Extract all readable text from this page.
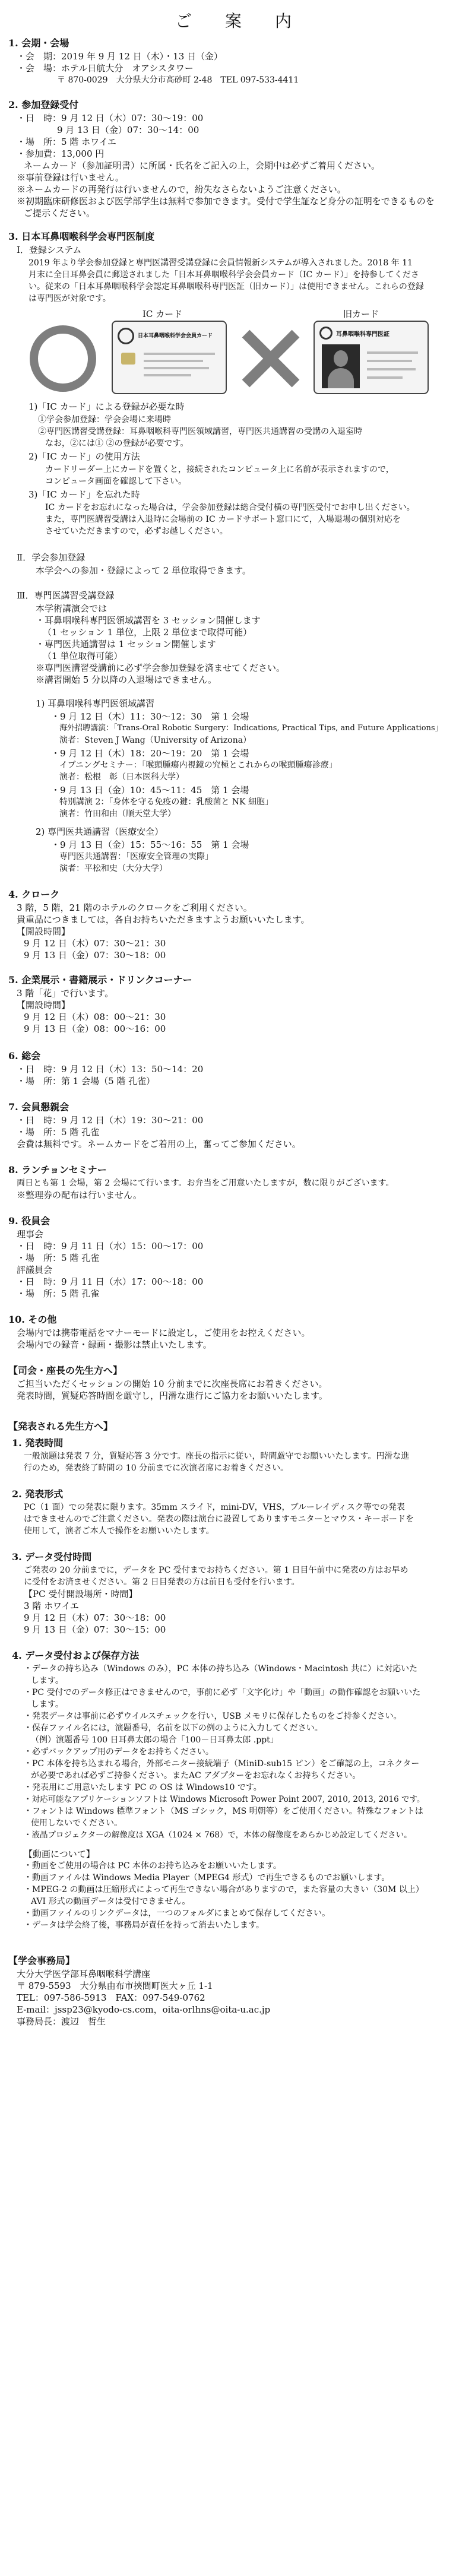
ご　案　内
1. 会期・会場
・会　期：2019 年 9 月 12 日（木）・13 日（金）
・会　場：ホテル日航大分　オアシスタワー
〒 870-0029　大分県大分市高砂町 2-48　TEL 097-533-4411
2. 参加登録受付
・日　時：9 月 12 日（木）07：30～19：00
9 月 13 日（金）07：30～14：00
・場　所：5 階 ホワイエ
・参加費：13,000 円
ネームカード（参加証明書）に所属・氏名をご記入の上，会期中は必ずご着用ください。
※事前登録は行いません。
※ネームカードの再発行は行いませんので，紛失なさらないようご注意ください。
※初期臨床研修医および医学部学生は無料で参加できます。受付で学生証など身分の証明をできるものを
ご提示ください。
3. 日本耳鼻咽喉科学会専門医制度
Ⅰ．登録システム
2019 年より学会参加登録と専門医講習受講登録に会員情報新システムが導入されました。2018 年 11
月末に全日耳鼻会員に郵送されました「日本耳鼻咽喉科学会会員カード（IC カード）」を持参してくださ
い。従来の「日本耳鼻咽喉科学会認定耳鼻咽喉科専門医証（旧カード）」は使用できません。これらの登録
は専門医が対象です。
IC カード	旧カード
日本耳鼻咽喉科学会会員カード	耳鼻咽喉科専門医証
1)「IC カード」による登録が必要な時
①学会参加登録：学会会場に来場時
②専門医講習受講登録：耳鼻咽喉科専門医領域講習，専門医共通講習の受講の入退室時
なお，②には① ②の登録が必要です。
2)「IC カード」の使用方法
カードリーダー上にカードを置くと，接続されたコンピュータ上に名前が表示されますので，
コンピュータ画面を確認して下さい。
3)「IC カード」を忘れた時
IC カードをお忘れになった場合は，学会参加登録は総合受付横の専門医受付でお申し出ください。
また，専門医講習受講は入退時に会場前の IC カードサポート窓口にて，入場退場の個別対応を
させていただきますので，必ずお越しください。
Ⅱ．学会参加登録
本学会への参加・登録によって 2 単位取得できます。
Ⅲ．専門医講習受講登録
本学術講演会では
・耳鼻咽喉科専門医領域講習を 3 セッション開催します
（1 セッション 1 単位，上限 2 単位まで取得可能）
・専門医共通講習は 1 セッション開催します
（1 単位取得可能）
※専門医講習受講前に必ず学会参加登録を済ませてください。
※講習開始 5 分以降の入退場はできません。
1) 耳鼻咽喉科専門医領域講習
・9 月 12 日（木）11：30～12：30　第 1 会場
海外招聘講演：「Trans-Oral Robotic Surgery：Indications, Practical Tips, and Future Applications」
演者：Steven J Wang（University of Arizona）
・9 月 12 日（木）18：20～19：20　第 1 会場
イブニングセミナー：「喉頭腫瘍内視鏡の究極とこれからの喉頭腫瘍診療」
演者：松根　彰（日本医科大学）
・9 月 13 日（金）10：45～11：45　第 1 会場
特別講演 2：「身体を守る免疫の鍵：乳酸菌と NK 細胞」
演者：竹田和由（順天堂大学）
2) 専門医共通講習（医療安全）
・9 月 13 日（金）15：55～16：55　第 1 会場
専門医共通講習：「医療安全管理の実際」
演者：平松和史（大分大学）
4. クローク
3 階，5 階，21 階のホテルのクロークをご利用ください。
貴重品につきましては，各自お持ちいただきますようお願いいたします。
【開設時間】
9 月 12 日（木）07：30～21：30
9 月 13 日（金）07：30～18：00
5. 企業展示・書籍展示・ドリンクコーナー
3 階「花」で行います。
【開設時間】
9 月 12 日（木）08：00～21：30
9 月 13 日（金）08：00～16：00
6. 総会
・日　時：9 月 12 日（木）13：50～14：20
・場　所：第 1 会場（5 階 孔雀）
7. 会員懇親会
・日　時：9 月 12 日（木）19：30～21：00
・場　所：5 階 孔雀
会費は無料です。ネームカードをご着用の上，奮ってご参加ください。
8. ランチョンセミナー
両日とも第 1 会場，第 2 会場にて行います。お弁当をご用意いたしますが，数に限りがございます。
※整理券の配布は行いません。
9. 役員会
理事会
・日　時：9 月 11 日（水）15：00～17：00
・場　所：5 階 孔雀
評議員会
・日　時：9 月 11 日（水）17：00～18：00
・場　所：5 階 孔雀
10. その他
会場内では携帯電話をマナーモードに設定し，ご使用をお控えください。
会場内での録音・録画・撮影は禁止いたします。
【司会・座長の先生方へ】
ご担当いただくセッションの開始 10 分前までに次座長席にお着きください。
発表時間，質疑応答時間を厳守し，円滑な進行にご協力をお願いいたします。
【発表される先生方へ】
1. 発表時間
一般演題は発表 7 分，質疑応答 3 分です。座長の指示に従い，時間厳守でお願いいたします。円滑な進
行のため，発表終了時間の 10 分前までに次演者席にお着きください。
2. 発表形式
PC（1 面）での発表に限ります。35mm スライド，mini-DV，VHS，ブルーレイディスク等での発表
はできませんのでご注意ください。発表の際は演台に設置してありますモニターとマウス・キーボードを
使用して，演者ご本人で操作をお願いいたします。
3. データ受付時間
ご発表の 20 分前までに，データを PC 受付までお持ちください。第 1 日目午前中に発表の方はお早め
に受付をお済ませください。第 2 日目発表の方は前日も受付を行います。
【PC 受付開設場所・時間】
3 階 ホワイエ
9 月 12 日（木）07：30～18：00
9 月 13 日（金）07：30～15：00
4. データ受付および保存方法
・データの持ち込み（Windows のみ），PC 本体の持ち込み（Windows・Macintosh 共に）に対応いた
します。
・PC 受付でのデータ修正はできませんので，事前に必ず「文字化け」や「動画」の動作確認をお願いいた
します。
・発表データは事前に必ずウイルスチェックを行い，USB メモリに保存したものをご持参ください。
・保存ファイル名には，演題番号，名前を以下の例のように入力してください。
（例）演題番号 100 日耳鼻太郎の場合「100－日耳鼻太郎 .ppt」
・必ずバックアップ用のデータをお持ちください。
・PC 本体を持ち込まれる場合，外部モニター接続端子（MiniD-sub15 ピン）をご確認の上，コネクター
が必要であれば必ずご持参ください。またAC アダプターをお忘れなくお持ちください。
・発表用にご用意いたします PC の OS は Windows10 です。
・対応可能なアプリケーションソフトは Windows Microsoft Power Point 2007, 2010, 2013, 2016 です。
・フォントは Windows 標準フォント（MS ゴシック，MS 明朝等）をご使用ください。特殊なフォントは
使用しないでください。
・液晶プロジェクターの解像度は XGA（1024 × 768）で，本体の解像度をあらかじめ設定してください。
【動画について】
・動画をご使用の場合は PC 本体のお持ち込みをお願いいたします。
・動画ファイルは Windows Media Player（MPEG4 形式）で再生できるものでお願いします。
・MPEG-2 の動画は圧縮形式によって再生できない場合がありますので，また容量の大きい（30M 以上）
AVI 形式の動画データは受付できません。
・動画ファイルのリンクデータは，一つのフォルダにまとめて保存してください。
・データは学会終了後，事務局が責任を持って消去いたします。
【学会事務局】
大分大学医学部耳鼻咽喉科学講座
〒 879-5593　大分県由布市挾間町医大ヶ丘 1-1
TEL：097-586-5913　FAX：097-549-0762
E-mail：jssp23@kyodo-cs.com，oita-orlhns@oita-u.ac.jp
事務局長：渡辺　哲生
